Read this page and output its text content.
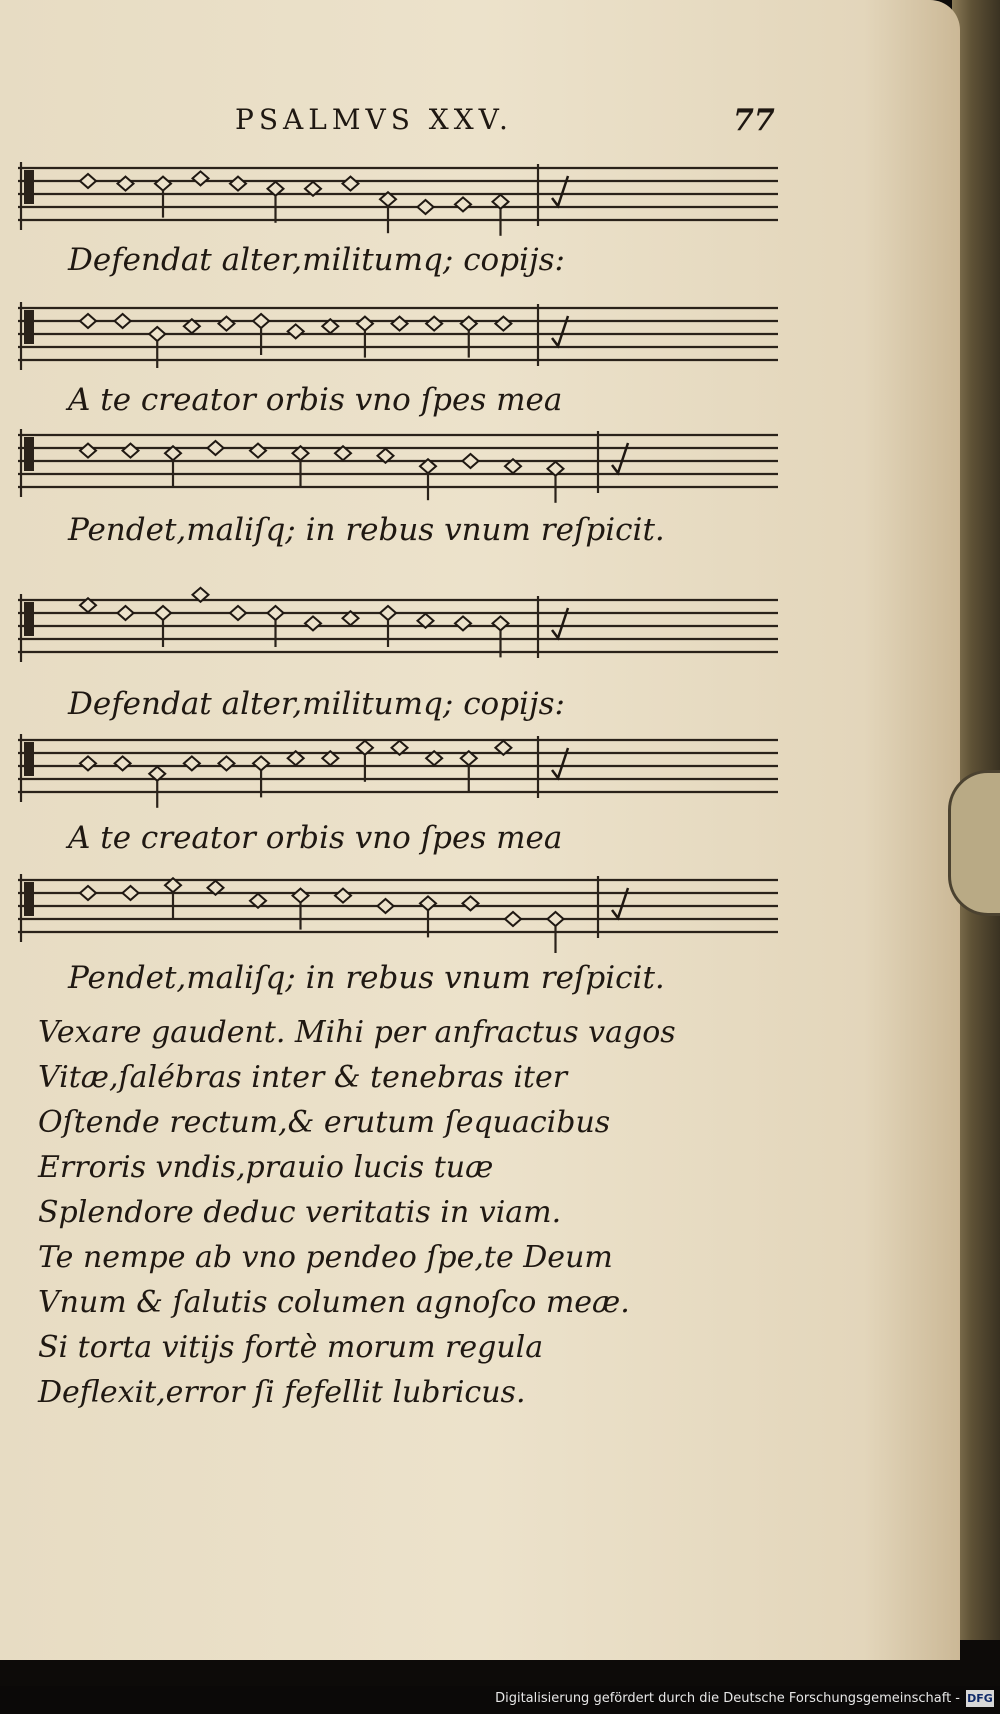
PSALMVS XXV.	77
Defendat alter,militumq; copijs:
A te creator orbis vno ſpes mea
Pendet,maliſq; in rebus vnum reſpicit.
Defendat alter,militumq; copijs:
A te creator orbis vno ſpes mea
Pendet,maliſq; in rebus vnum reſpicit.
Vexare gaudent. Mihi per anfractus vagos
Vitæ,ſalébras inter & tenebras iter
Oſtende rectum,& erutum ſequacibus
Erroris vndis,prauio lucis tuæ
Splendore deduc veritatis in viam.
Te nempe ab vno pendeo ſpe,te Deum
Vnum & ſalutis columen agnoſco meæ.
Si torta vitijs fortè morum regula
Deflexit,error ſi fefellit lubricus.
Digitalisierung gefördert durch die Deutsche Forschungsgemeinschaft - DFG
